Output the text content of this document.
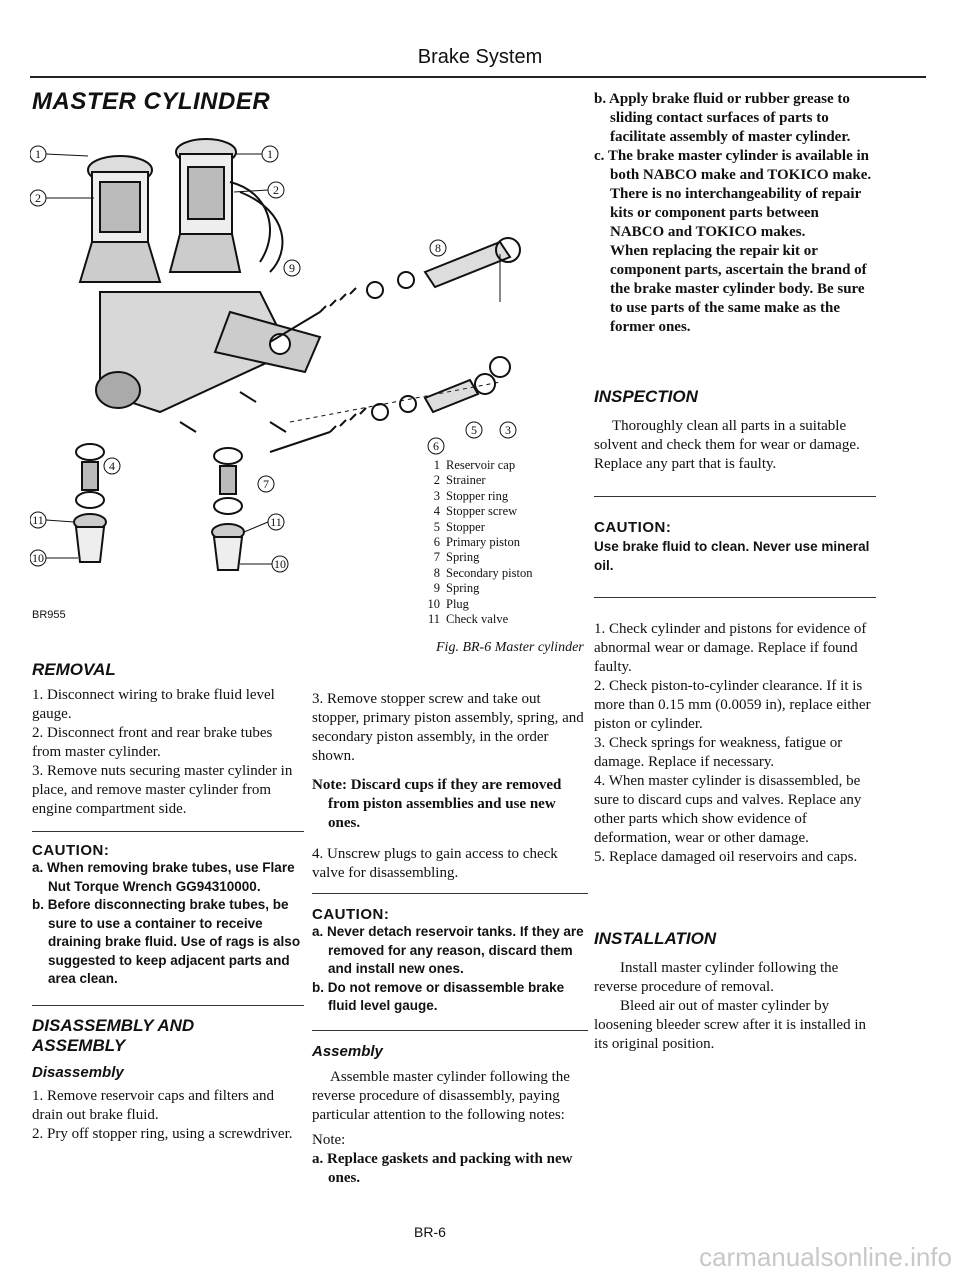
Brake System
MASTER CYLINDER
1
2
1
2
8
9
4
11
10
11
10
7
6
5 3
BR955
1 Reservoir cap
2 Strainer
3 Stopper ring
4 Stopper screw
5 Stopper
6 Primary piston
7 Spring
8 Secondary piston
9 Spring
10 Plug
11 Check valve
Fig. BR-6 Master cylinder
REMOVAL
1. Disconnect wiring to brake fluid level gauge.
2. Disconnect front and rear brake tubes from master cylinder.
3. Remove nuts securing master cylinder in place, and remove master cylinder from engine compartment side.
CAUTION:
a. When removing brake tubes, use Flare Nut Torque Wrench GG94310000.
b. Before disconnecting brake tubes, be sure to use a container to receive draining brake fluid. Use of rags is also suggested to keep adjacent parts and area clean.
DISASSEMBLY AND
ASSEMBLY
Disassembly
1. Remove reservoir caps and filters and drain out brake fluid.
2. Pry off stopper ring, using a screwdriver.
3. Remove stopper screw and take out stopper, primary piston assembly, spring, and secondary piston assembly, in the order shown.
Note: Discard cups if they are removed from piston assemblies and use new ones.
4. Unscrew plugs to gain access to check valve for disassembling.
CAUTION:
a. Never detach reservoir tanks. If they are removed for any reason, discard them and install new ones.
b. Do not remove or disassemble brake fluid level gauge.
Assembly
Assemble master cylinder following the reverse procedure of disassembly, paying particular attention to the following notes:
Note:
a. Replace gaskets and packing with new ones.
BR-6
b. Apply brake fluid or rubber grease to sliding contact surfaces of parts to facilitate assembly of master cylinder.
c. The brake master cylinder is available in both NABCO make and TOKICO make. There is no interchangeability of repair kits or component parts between NABCO and TOKICO makes.
When replacing the repair kit or component parts, ascertain the brand of the brake master cylinder body. Be sure to use parts of the same make as the former ones.
INSPECTION
Thoroughly clean all parts in a suitable solvent and check them for wear or damage. Replace any part that is faulty.
CAUTION:
Use brake fluid to clean. Never use mineral oil.
1. Check cylinder and pistons for evidence of abnormal wear or damage. Replace if found faulty.
2. Check piston-to-cylinder clearance. If it is more than 0.15 mm (0.0059 in), replace either piston or cylinder.
3. Check springs for weakness, fatigue or damage. Replace if necessary.
4. When master cylinder is disassembled, be sure to discard cups and valves. Replace any other parts which show evidence of deformation, wear or other damage.
5. Replace damaged oil reservoirs and caps.
INSTALLATION
Install master cylinder following the reverse procedure of removal.
Bleed air out of master cylinder by loosening bleeder screw after it is installed in its original position.
carmanualsonline.info
